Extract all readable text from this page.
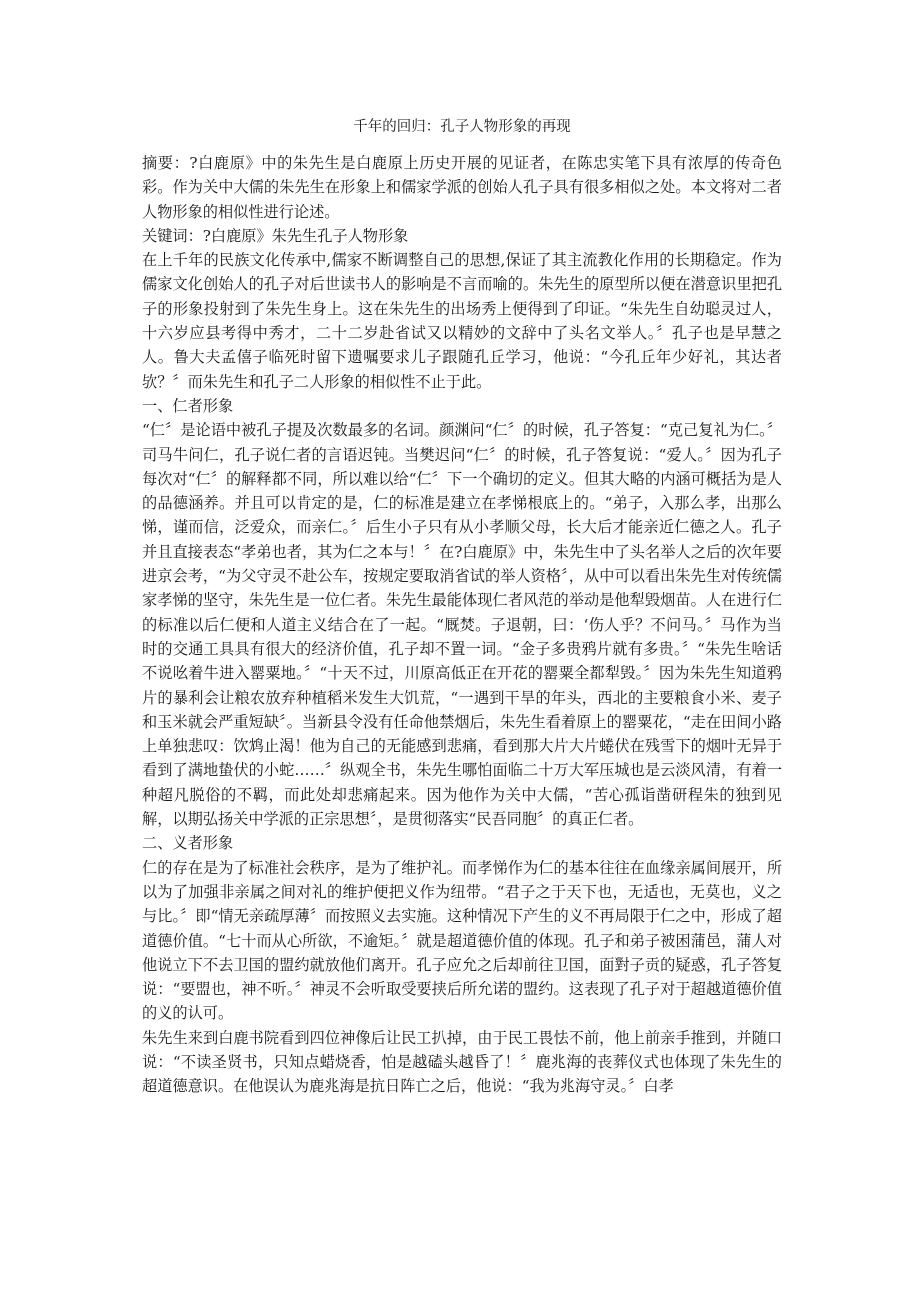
千年的回归：孔子人物形象的再现

摘要：?白鹿原》中的朱先生是白鹿原上历史开展的见证者，在陈忠实笔下具有浓厚的传奇色彩。作为关中大儒的朱先生在形象上和儒家学派的创始人孔子具有很多相似之处。本文将对二者人物形象的相似性进行论述。

关键词：?白鹿原》朱先生孔子人物形象

在上千年的民族文化传承中,儒家不断调整自己的思想,保证了其主流教化作用的长期稳定。作为儒家文化创始人的孔子对后世读书人的影响是不言而喻的。朱先生的原型所以便在潜意识里把孔子的形象投射到了朱先生身上。这在朱先生的出场秀上便得到了印证。“朱先生自幼聪灵过人，十六岁应县考得中秀才，二十二岁赴省试又以精妙的文辞中了头名文举人。〞孔子也是早慧之人。鲁大夫孟僖子临死时留下遗嘱要求儿子跟随孔丘学习，他说：“今孔丘年少好礼，其达者欤？〞而朱先生和孔子二人形象的相似性不止于此。

一、仁者形象

“仁〞是论语中被孔子提及次数最多的名词。颜渊问“仁〞的时候，孔子答复：“克己复礼为仁。〞司马牛问仁，孔子说仁者的言语迟钝。当樊迟问“仁〞的时候，孔子答复说：“爱人。〞因为孔子每次对“仁〞的解释都不同，所以难以给“仁〞下一个确切的定义。但其大略的内涵可概括为是人的品德涵养。并且可以肯定的是，仁的标准是建立在孝悌根底上的。“弟子，入那么孝，出那么悌，谨而信，泛爱众，而亲仁。〞后生小子只有从小孝顺父母，长大后才能亲近仁德之人。孔子并且直接表态“孝弟也者，其为仁之本与！〞在?白鹿原》中，朱先生中了头名举人之后的次年要进京会考，“为父守灵不赴公车，按规定要取消省试的举人资格〞，从中可以看出朱先生对传统儒家孝悌的坚守，朱先生是一位仁者。朱先生最能体现仁者风范的举动是他犁毁烟苗。人在进行仁的标准以后仁便和人道主义结合在了一起。“厩焚。子退朝，曰：‘伤人乎？不问马。〞马作为当时的交通工具具有很大的经济价值，孔子却不置一词。“金子多贵鸦片就有多贵。〞“朱先生啥话不说吆着牛进入罂粟地。〞“十天不过，川原高低正在开花的罂粟全都犁毁。〞因为朱先生知道鸦片的暴利会让粮农放弃种植稻米发生大饥荒，“一遇到干旱的年头，西北的主要粮食小米、麦子和玉米就会严重短缺〞。当新县令没有任命他禁烟后，朱先生看着原上的罂粟花，“走在田间小路上单独悲叹：饮鸩止渴！他为自己的无能感到悲痛，看到那大片大片蜷伏在残雪下的烟叶无异于看到了满地蛰伏的小蛇……〞纵观全书，朱先生哪怕面临二十万大军压城也是云淡风清，有着一种超凡脱俗的不羁，而此处却悲痛起来。因为他作为关中大儒，“苦心孤诣凿研程朱的独到见解，以期弘扬关中学派的正宗思想〞，是贯彻落实“民吾同胞〞的真正仁者。

二、义者形象

仁的存在是为了标准社会秩序，是为了维护礼。而孝悌作为仁的基本往往在血缘亲属间展开，所以为了加强非亲属之间对礼的维护便把义作为纽带。“君子之于天下也，无适也，无莫也，义之与比。〞即“情无亲疏厚薄〞而按照义去实施。这种情况下产生的义不再局限于仁之中，形成了超道德价值。“七十而从心所欲，不逾矩。〞就是超道德价值的体现。孔子和弟子被困蒲邑，蒲人对他说立下不去卫国的盟约就放他们离开。孔子应允之后却前往卫国，面對子贡的疑惑，孔子答复说：“要盟也，神不听。〞神灵不会听取受要挟后所允诺的盟约。这表现了孔子对于超越道德价值的义的认可。

朱先生来到白鹿书院看到四位神像后让民工扒掉，由于民工畏怯不前，他上前亲手推到，并随口说：“不读圣贤书，只知点蜡烧香，怕是越磕头越昏了！〞鹿兆海的丧葬仪式也体现了朱先生的超道德意识。在他误认为鹿兆海是抗日阵亡之后，他说：“我为兆海守灵。〞白孝
